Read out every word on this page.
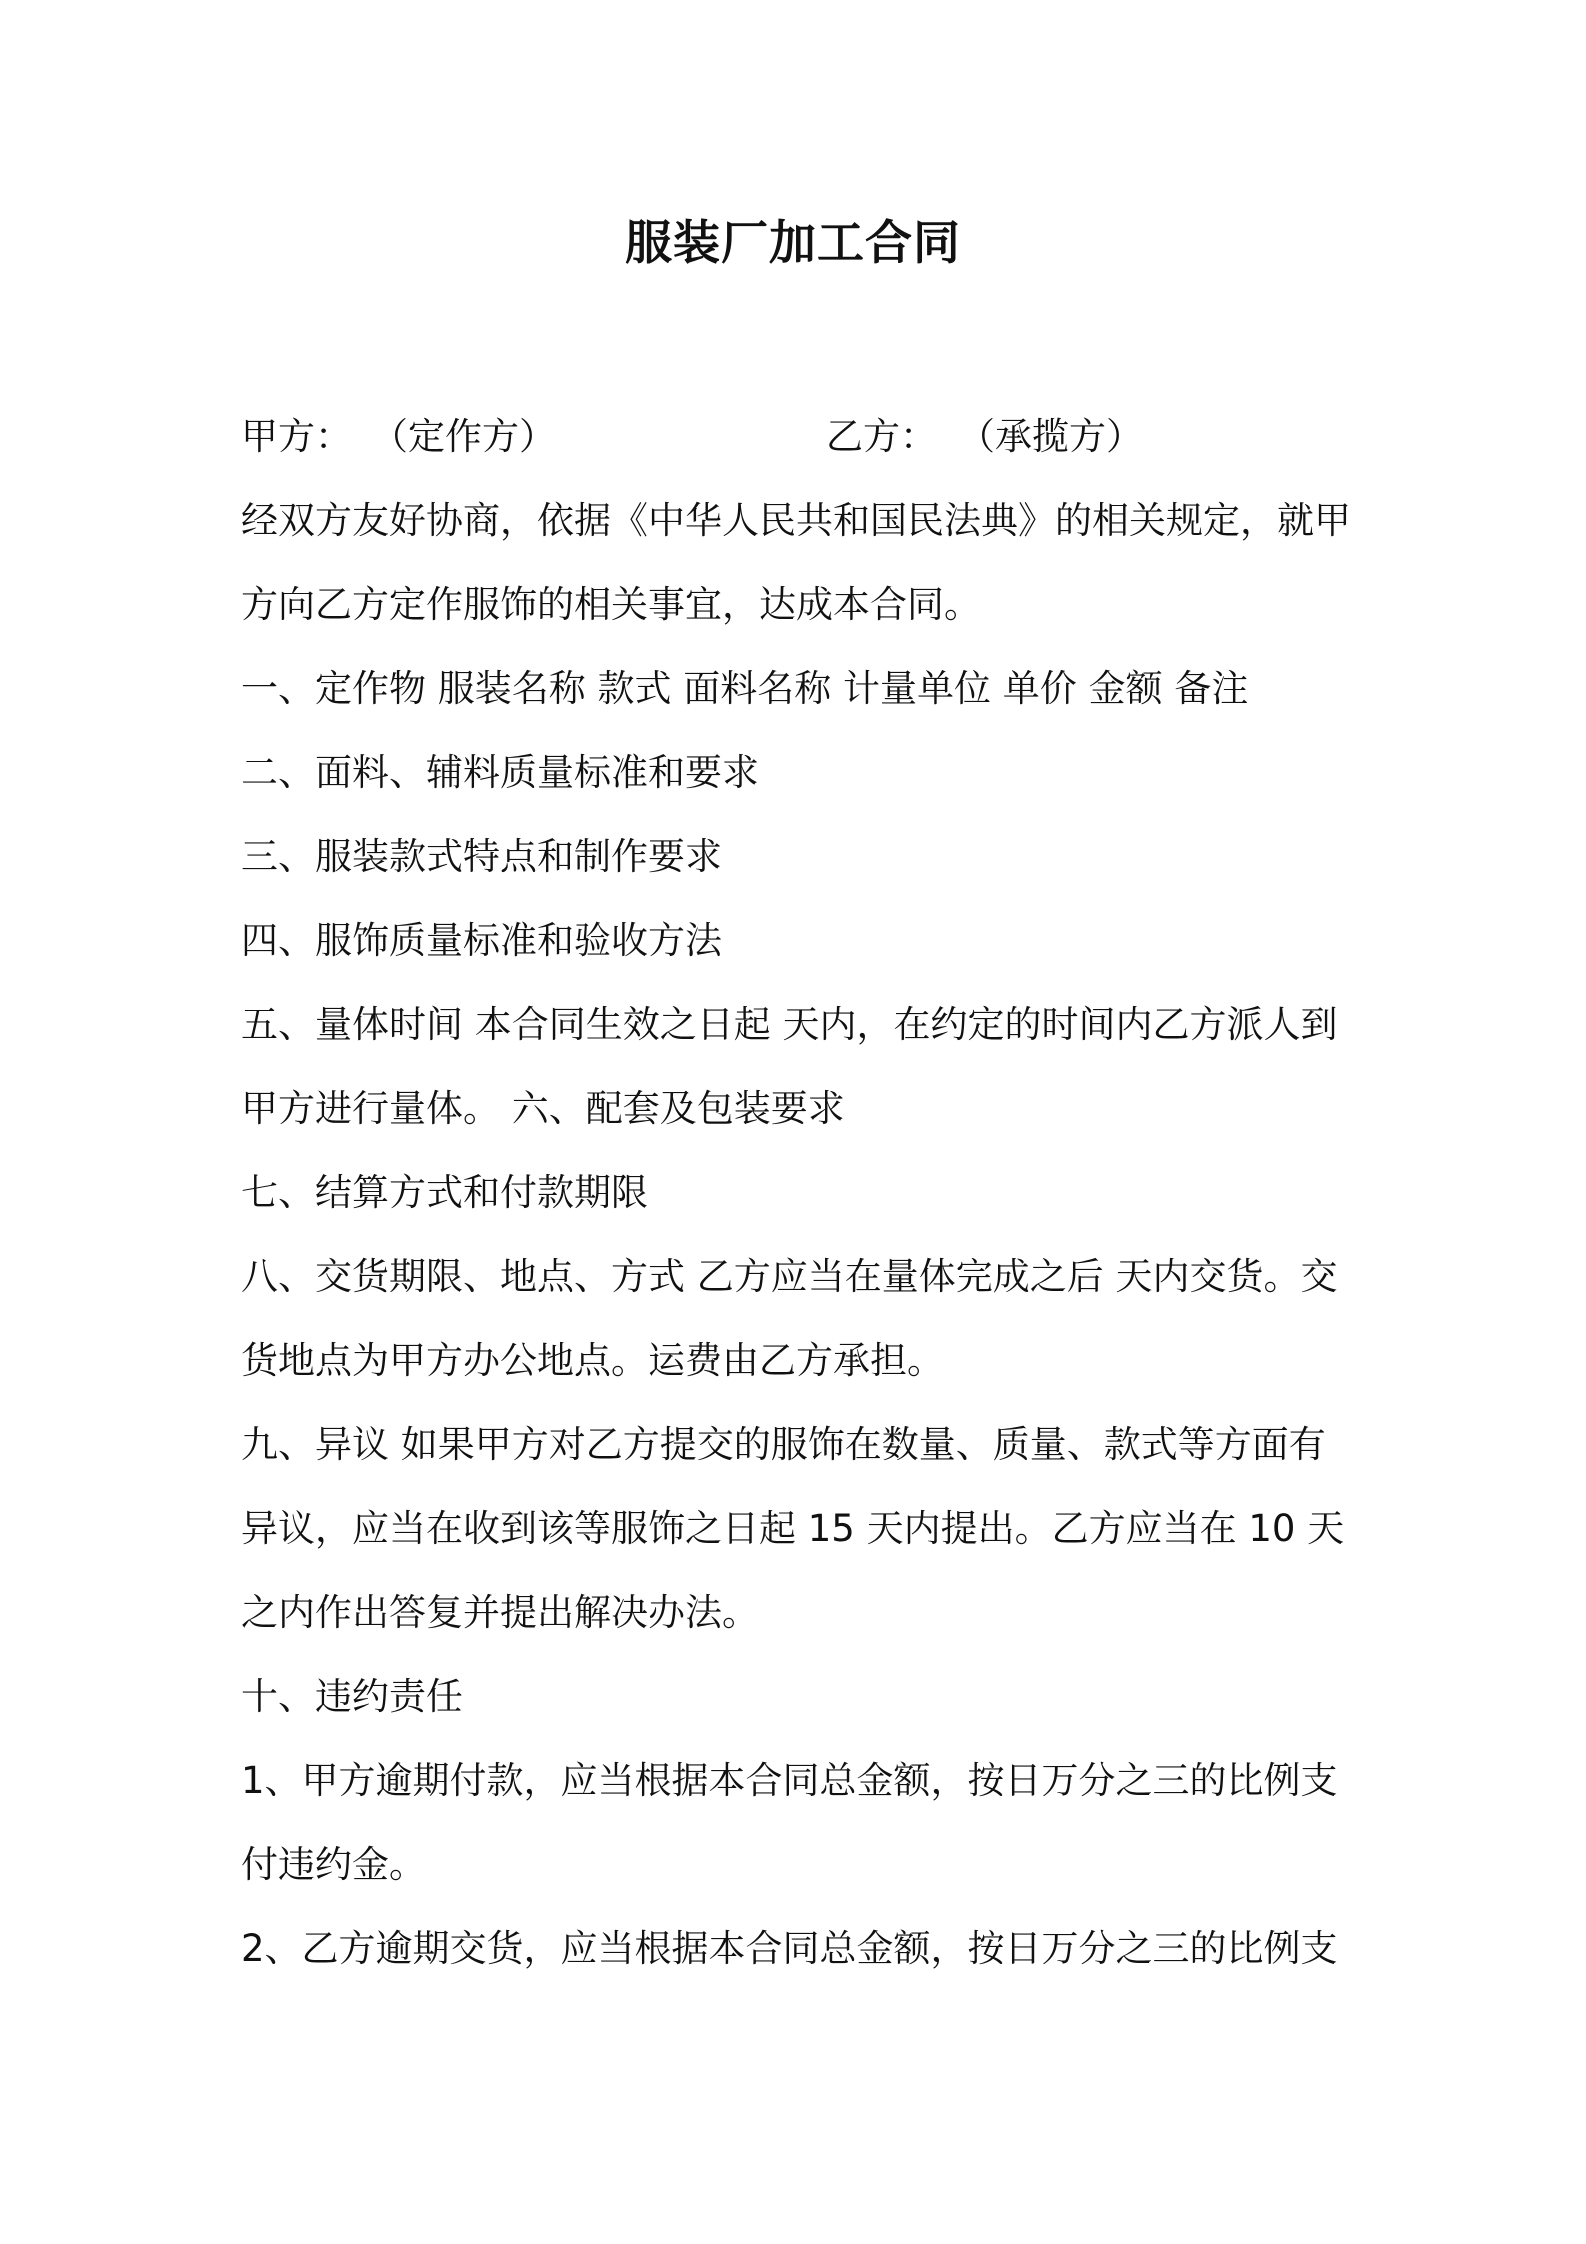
服装厂加工合同
甲方： （定作方）	乙方： （承揽方）
经双方友好协商，依据《中华人民共和国民法典》的相关规定，就甲
方向乙方定作服饰的相关事宜，达成本合同。
一、定作物 服装名称 款式 面料名称 计量单位 单价 金额 备注
二、面料、辅料质量标准和要求
三、服装款式特点和制作要求
四、服饰质量标准和验收方法
五、量体时间 本合同生效之日起 天内，在约定的时间内乙方派人到
甲方进行量体。 六、配套及包装要求
七、结算方式和付款期限
八、交货期限、地点、方式 乙方应当在量体完成之后 天内交货。交
货地点为甲方办公地点。运费由乙方承担。
九、异议 如果甲方对乙方提交的服饰在数量、质量、款式等方面有
异议，应当在收到该等服饰之日起 15 天内提出。乙方应当在 10 天
之内作出答复并提出解决办法。
十、违约责任
1、甲方逾期付款，应当根据本合同总金额，按日万分之三的比例支
付违约金。
2、乙方逾期交货，应当根据本合同总金额，按日万分之三的比例支
